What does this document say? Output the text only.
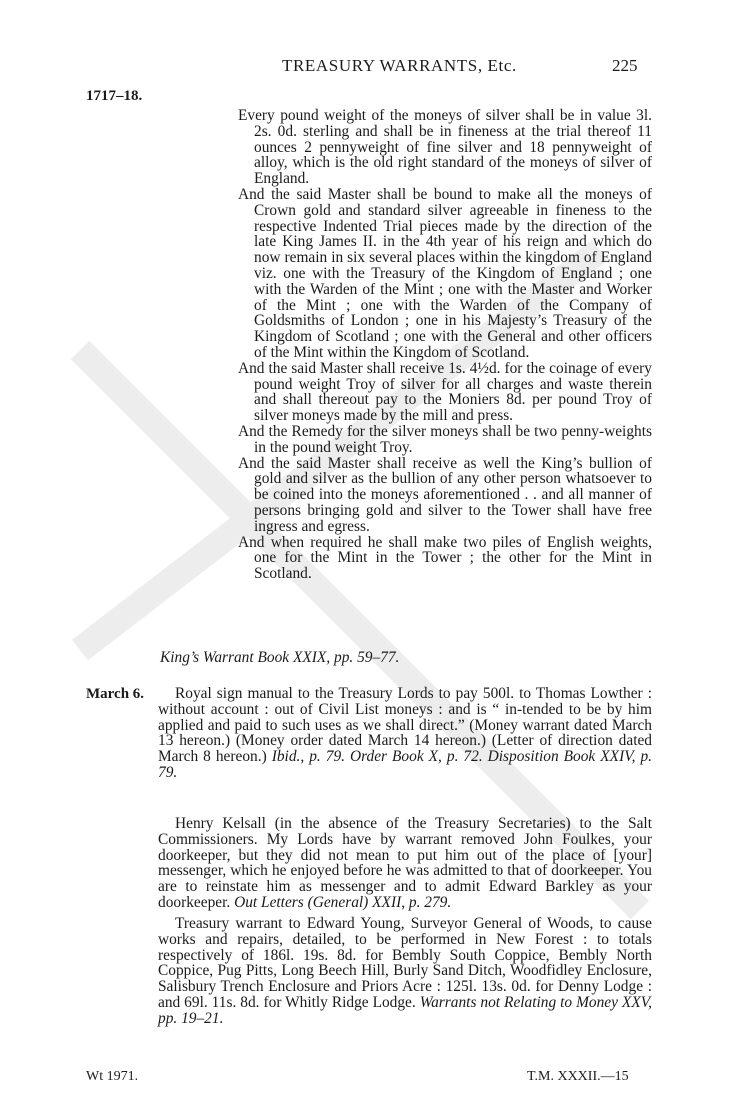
1717–18.
TREASURY WARRANTS, Etc.	225

Every pound weight of the moneys of silver shall be in value 3l. 2s. 0d. sterling and shall be in fineness at the trial thereof 11 ounces 2 pennyweight of fine silver and 18 pennyweight of alloy, which is the old right standard of the moneys of silver of England.

And the said Master shall be bound to make all the moneys of Crown gold and standard silver agreeable in fineness to the respective Indented Trial pieces made by the direction of the late King James II. in the 4th year of his reign and which do now remain in six several places within the kingdom of England viz. one with the Treasury of the Kingdom of England ; one with the Warden of the Mint ; one with the Master and Worker of the Mint ; one with the Warden of the Company of Goldsmiths of London ; one in his Majesty’s Treasury of the Kingdom of Scotland ; one with the General and other officers of the Mint within the Kingdom of Scotland.

And the said Master shall receive 1s. 4½d. for the coinage of every pound weight Troy of silver for all charges and waste therein and shall thereout pay to the Moniers 8d. per pound Troy of silver moneys made by the mill and press.

And the Remedy for the silver moneys shall be two penny-weights in the pound weight Troy.

And the said Master shall receive as well the King’s bullion of gold and silver as the bullion of any other person whatsoever to be coined into the moneys aforementioned . . and all manner of persons bringing gold and silver to the Tower shall have free ingress and egress.

And when required he shall make two piles of English weights, one for the Mint in the Tower ; the other for the Mint in Scotland.

King’s Warrant Book XXIX, pp. 59–77.
March 6.	Royal sign manual to the Treasury Lords to pay 500l. to Thomas Lowther : without account : out of Civil List moneys : and is “ in-tended to be by him applied and paid to such uses as we shall direct.” (Money warrant dated March 13 hereon.) (Money order dated March 14 hereon.) (Letter of direction dated March 8 hereon.) Ibid., p. 79. Order Book X, p. 72. Disposition Book XXIV, p. 79.

Henry Kelsall (in the absence of the Treasury Secretaries) to the Salt Commissioners. My Lords have by warrant removed John Foulkes, your doorkeeper, but they did not mean to put him out of the place of [your] messenger, which he enjoyed before he was admitted to that of doorkeeper. You are to reinstate him as messenger and to admit Edward Barkley as your doorkeeper. Out Letters (General) XXII, p. 279.

Treasury warrant to Edward Young, Surveyor General of Woods, to cause works and repairs, detailed, to be performed in New Forest : to totals respectively of 186l. 19s. 8d. for Bembly South Coppice, Bembly North Coppice, Pug Pitts, Long Beech Hill, Burly Sand Ditch, Woodfidley Enclosure, Salisbury Trench Enclosure and Priors Acre : 125l. 13s. 0d. for Denny Lodge : and 69l. 11s. 8d. for Whitly Ridge Lodge. Warrants not Relating to Money XXV, pp. 19–21.

Wt 1971.	T.M. XXXII.—15
